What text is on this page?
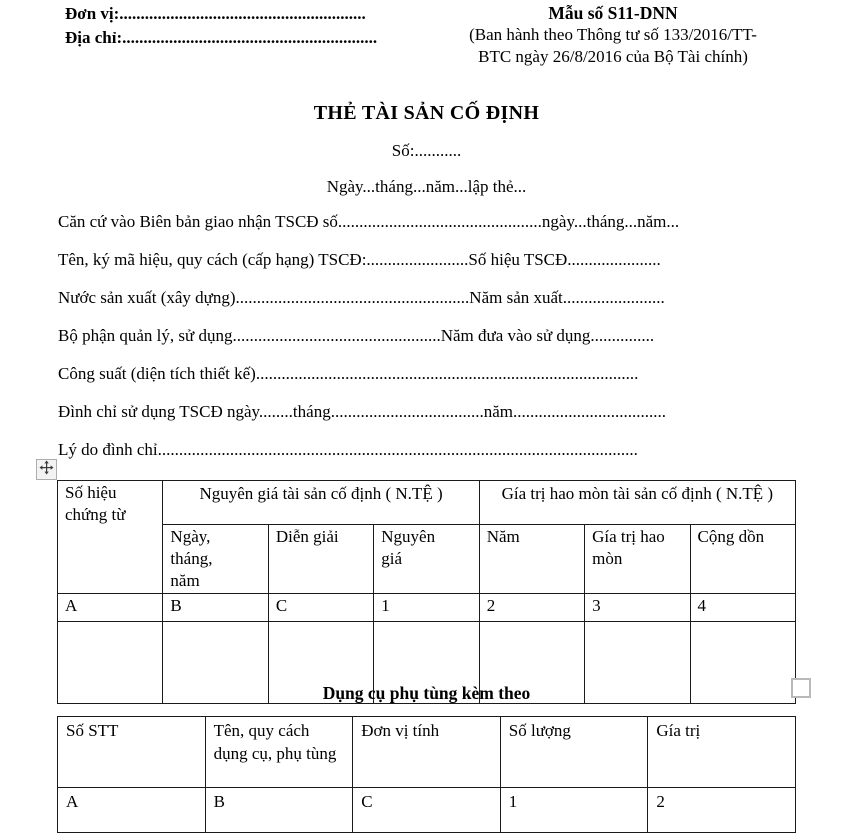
Đơn vị:..........................................................
Địa chỉ:............................................................
Mẫu số S11-DNN
(Ban hành theo Thông tư số 133/2016/TT-
BTC ngày 26/8/2016 của Bộ Tài chính)
THẺ TÀI SẢN CỐ ĐỊNH
Số:...........
Ngày...tháng...năm...lập thẻ...
Căn cứ vào Biên bản giao nhận TSCĐ số................................................ngày...tháng...năm...
Tên, ký mã hiệu, quy cách (cấp hạng) TSCĐ:........................Số hiệu TSCĐ......................
Nước sản xuất (xây dựng).......................................................Năm sản xuất........................
Bộ phận quản lý, sử dụng.................................................Năm đưa vào sử dụng...............
Công suất (diện tích thiết kế)..........................................................................................
Đình chỉ sử dụng TSCĐ ngày........tháng....................................năm....................................
Lý do đình chỉ.................................................................................................................
Số hiệu chứng từ	Nguyên giá tài sản cố định ( N.TỆ )			Gía trị hao mòn tài sản cố định ( N.TỆ )		

	Ngày, tháng, năm	Diễn giải	Nguyên giá	Năm	Gía trị hao mòn	Cộng dồn
A	B	C	1	2	3	4

Dụng cụ phụ tùng kèm theo
Số STT	Tên, quy cách dụng cụ, phụ tùng	Đơn vị tính	Số lượng	Gía trị
A	B	C	1	2
